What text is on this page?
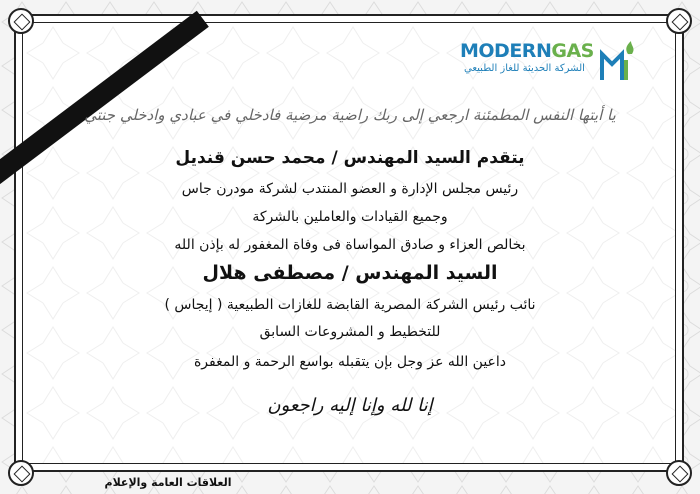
MODERNGAS
الشركة الحديثة للغاز الطبيعي
يا أيتها النفس المطمئنة ارجعي إلى ربك راضية مرضية فادخلي في عبادي وادخلي جنتي
يتقدم السيد المهندس / محمد حسن قنديل
رئيس مجلس الإدارة و العضو المنتدب لشركة مودرن جاس
وجميع القيادات والعاملين بالشركة
بخالص العزاء و صادق المواساة فى وفاة المغفور له بإذن الله
السيد المهندس / مصطفى هلال
نائب رئيس الشركة المصرية القابضة للغازات الطبيعية ( إيجاس )
للتخطيط و المشروعات السابق
داعين الله عز وجل بإن يتقبله بواسع الرحمة و المغفرة
إنا لله وإنا إليه راجعون
العلاقات العامة والإعلام
